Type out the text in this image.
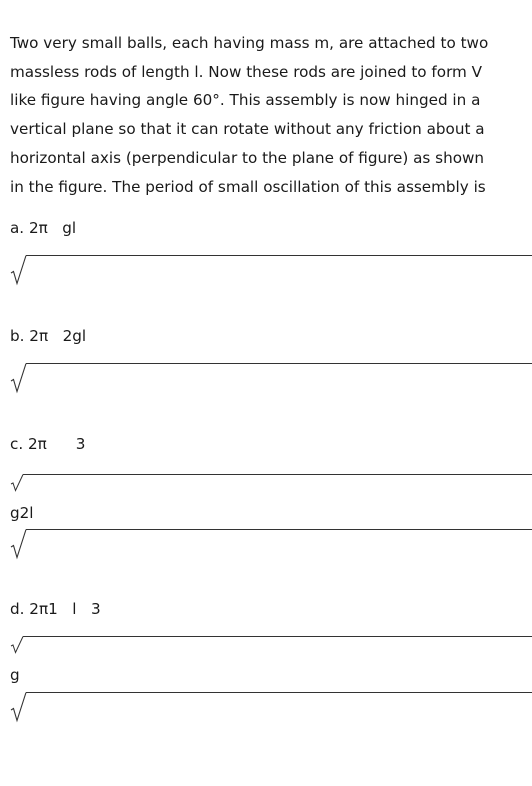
Two very small balls, each having mass m, are attached to two
massless rods of length l. Now these rods are joined to form V
like figure having angle 60°. This assembly is now hinged in a
vertical plane so that it can rotate without any friction about a
horizontal axis (perpendicular to the plane of figure) as shown
in the figure. The period of small oscillation of this assembly is
a. 2π   gl
b. 2π   2gl
c. 2π      3
g2l
d. 2π1   l   3
g
